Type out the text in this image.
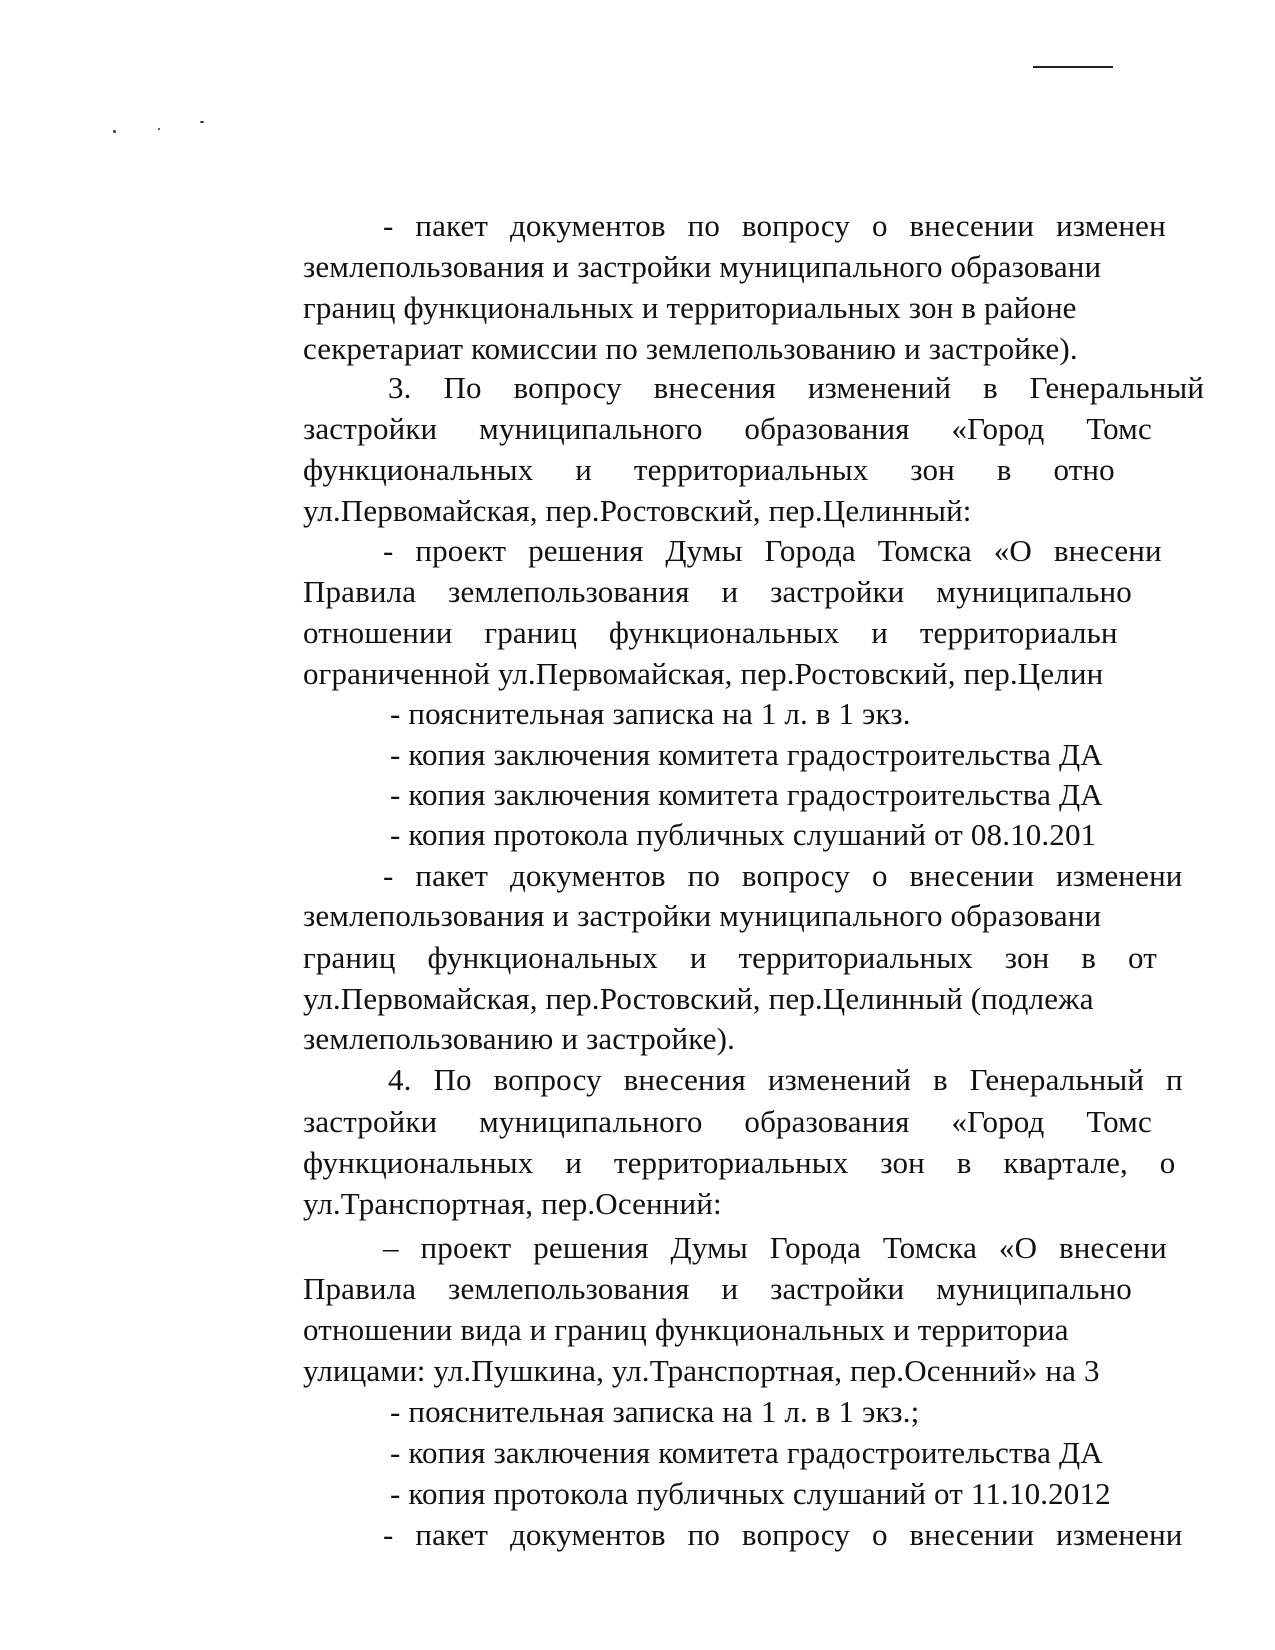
- пакет документов по вопросу о внесении изменен
землепользования и застройки муниципального образовани
границ функциональных и территориальных зон в районе
секретариат комиссии по землепользованию и застройке).
3. По вопросу внесения изменений в Генеральный
застройки муниципального образования «Город Томс
функциональных и территориальных зон в отно
ул.Первомайская, пер.Ростовский, пер.Целинный:
- проект решения Думы Города Томска «О внесени
Правила землепользования и застройки муниципально
отношении границ функциональных и территориальн
ограниченной ул.Первомайская, пер.Ростовский, пер.Целин
- пояснительная записка на 1 л. в 1 экз.
- копия заключения комитета градостроительства ДА
- копия заключения комитета градостроительства ДА
- копия протокола публичных слушаний от 08.10.201
- пакет документов по вопросу о внесении изменени
землепользования и застройки муниципального образовани
границ функциональных и территориальных зон в от
ул.Первомайская, пер.Ростовский, пер.Целинный (подлежа
землепользованию и застройке).
4. По вопросу внесения изменений в Генеральный п
застройки муниципального образования «Город Томс
функциональных и территориальных зон в квартале, о
ул.Транспортная, пер.Осенний:
– проект решения Думы Города Томска «О внесени
Правила землепользования и застройки муниципально
отношении вида и границ функциональных и территориа
улицами: ул.Пушкина, ул.Транспортная, пер.Осенний» на 3
- пояснительная записка на 1 л. в 1 экз.;
- копия заключения комитета градостроительства ДА
- копия протокола публичных слушаний от 11.10.2012
- пакет документов по вопросу о внесении изменени
